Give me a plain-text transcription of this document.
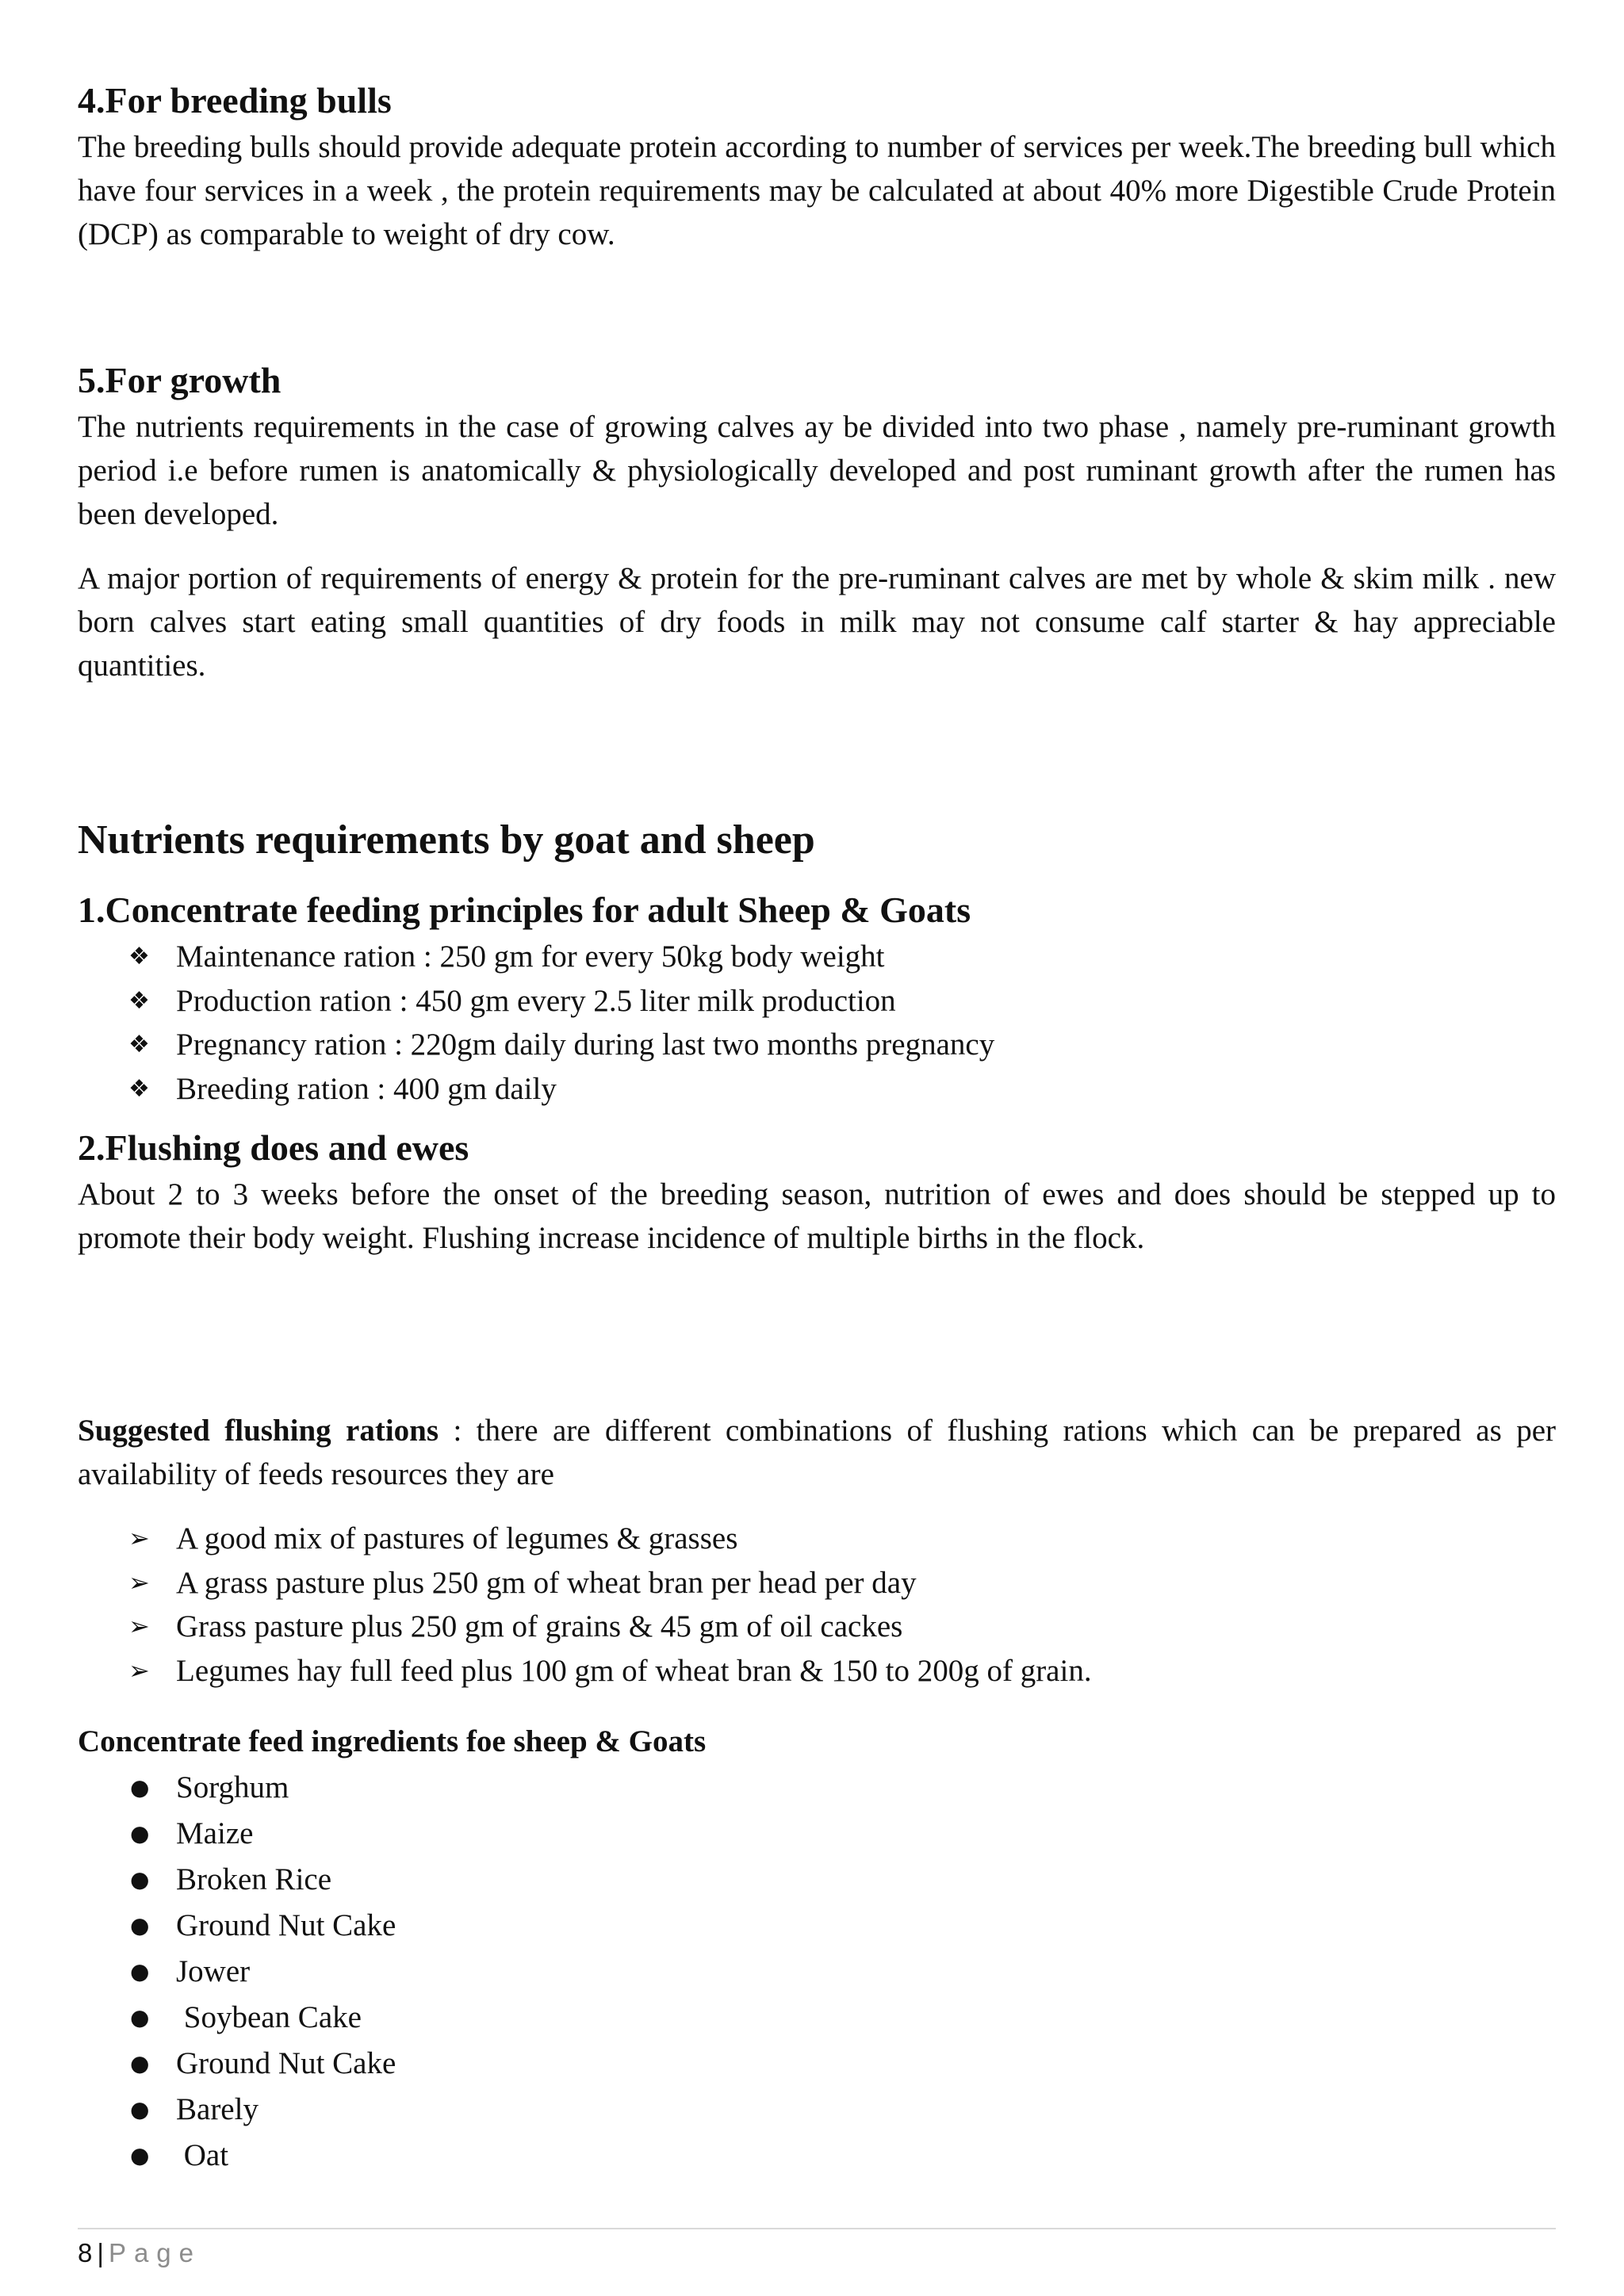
4.For breeding bulls

The breeding bulls should provide adequate protein according to number of services per week.The breeding bull which have four services in a week , the protein requirements may be calculated at about 40% more Digestible Crude Protein (DCP) as comparable to weight of dry cow.

5.For growth

The nutrients requirements in the case of growing calves ay be divided into two phase , namely pre-ruminant growth period i.e before rumen is anatomically & physiologically developed and post ruminant growth after the rumen has been developed.

A major portion of requirements of energy & protein for the pre-ruminant calves are met by whole & skim milk . new born calves start eating small quantities of dry foods in milk may not consume calf starter & hay appreciable quantities.

Nutrients requirements by goat and sheep
1.Concentrate feeding principles for adult Sheep & Goats
❖ Maintenance ration : 250 gm for every 50kg body weight
❖ Production ration : 450 gm every 2.5 liter milk production
❖ Pregnancy ration : 220gm daily during last two months pregnancy
❖ Breeding ration : 400 gm daily
2.Flushing does and ewes

About 2 to 3 weeks before the onset of the breeding season, nutrition of ewes and does should be stepped up to promote their body weight. Flushing increase incidence of multiple births in the flock.

Suggested flushing rations : there are different combinations of flushing rations which can be prepared as per availability of feeds resources they are

➢ A good mix of pastures of legumes & grasses
➢ A grass pasture plus 250 gm of wheat bran per head per day
➢ Grass pasture plus 250 gm of grains & 45 gm of oil cackes
➢ Legumes hay full feed plus 100 gm of wheat bran & 150 to 200g of grain.
Concentrate feed ingredients foe sheep & Goats
● Sorghum
● Maize
● Broken Rice
● Ground Nut Cake
● Jower
● Soybean Cake
● Ground Nut Cake
● Barely
● Oat
8 | Page
